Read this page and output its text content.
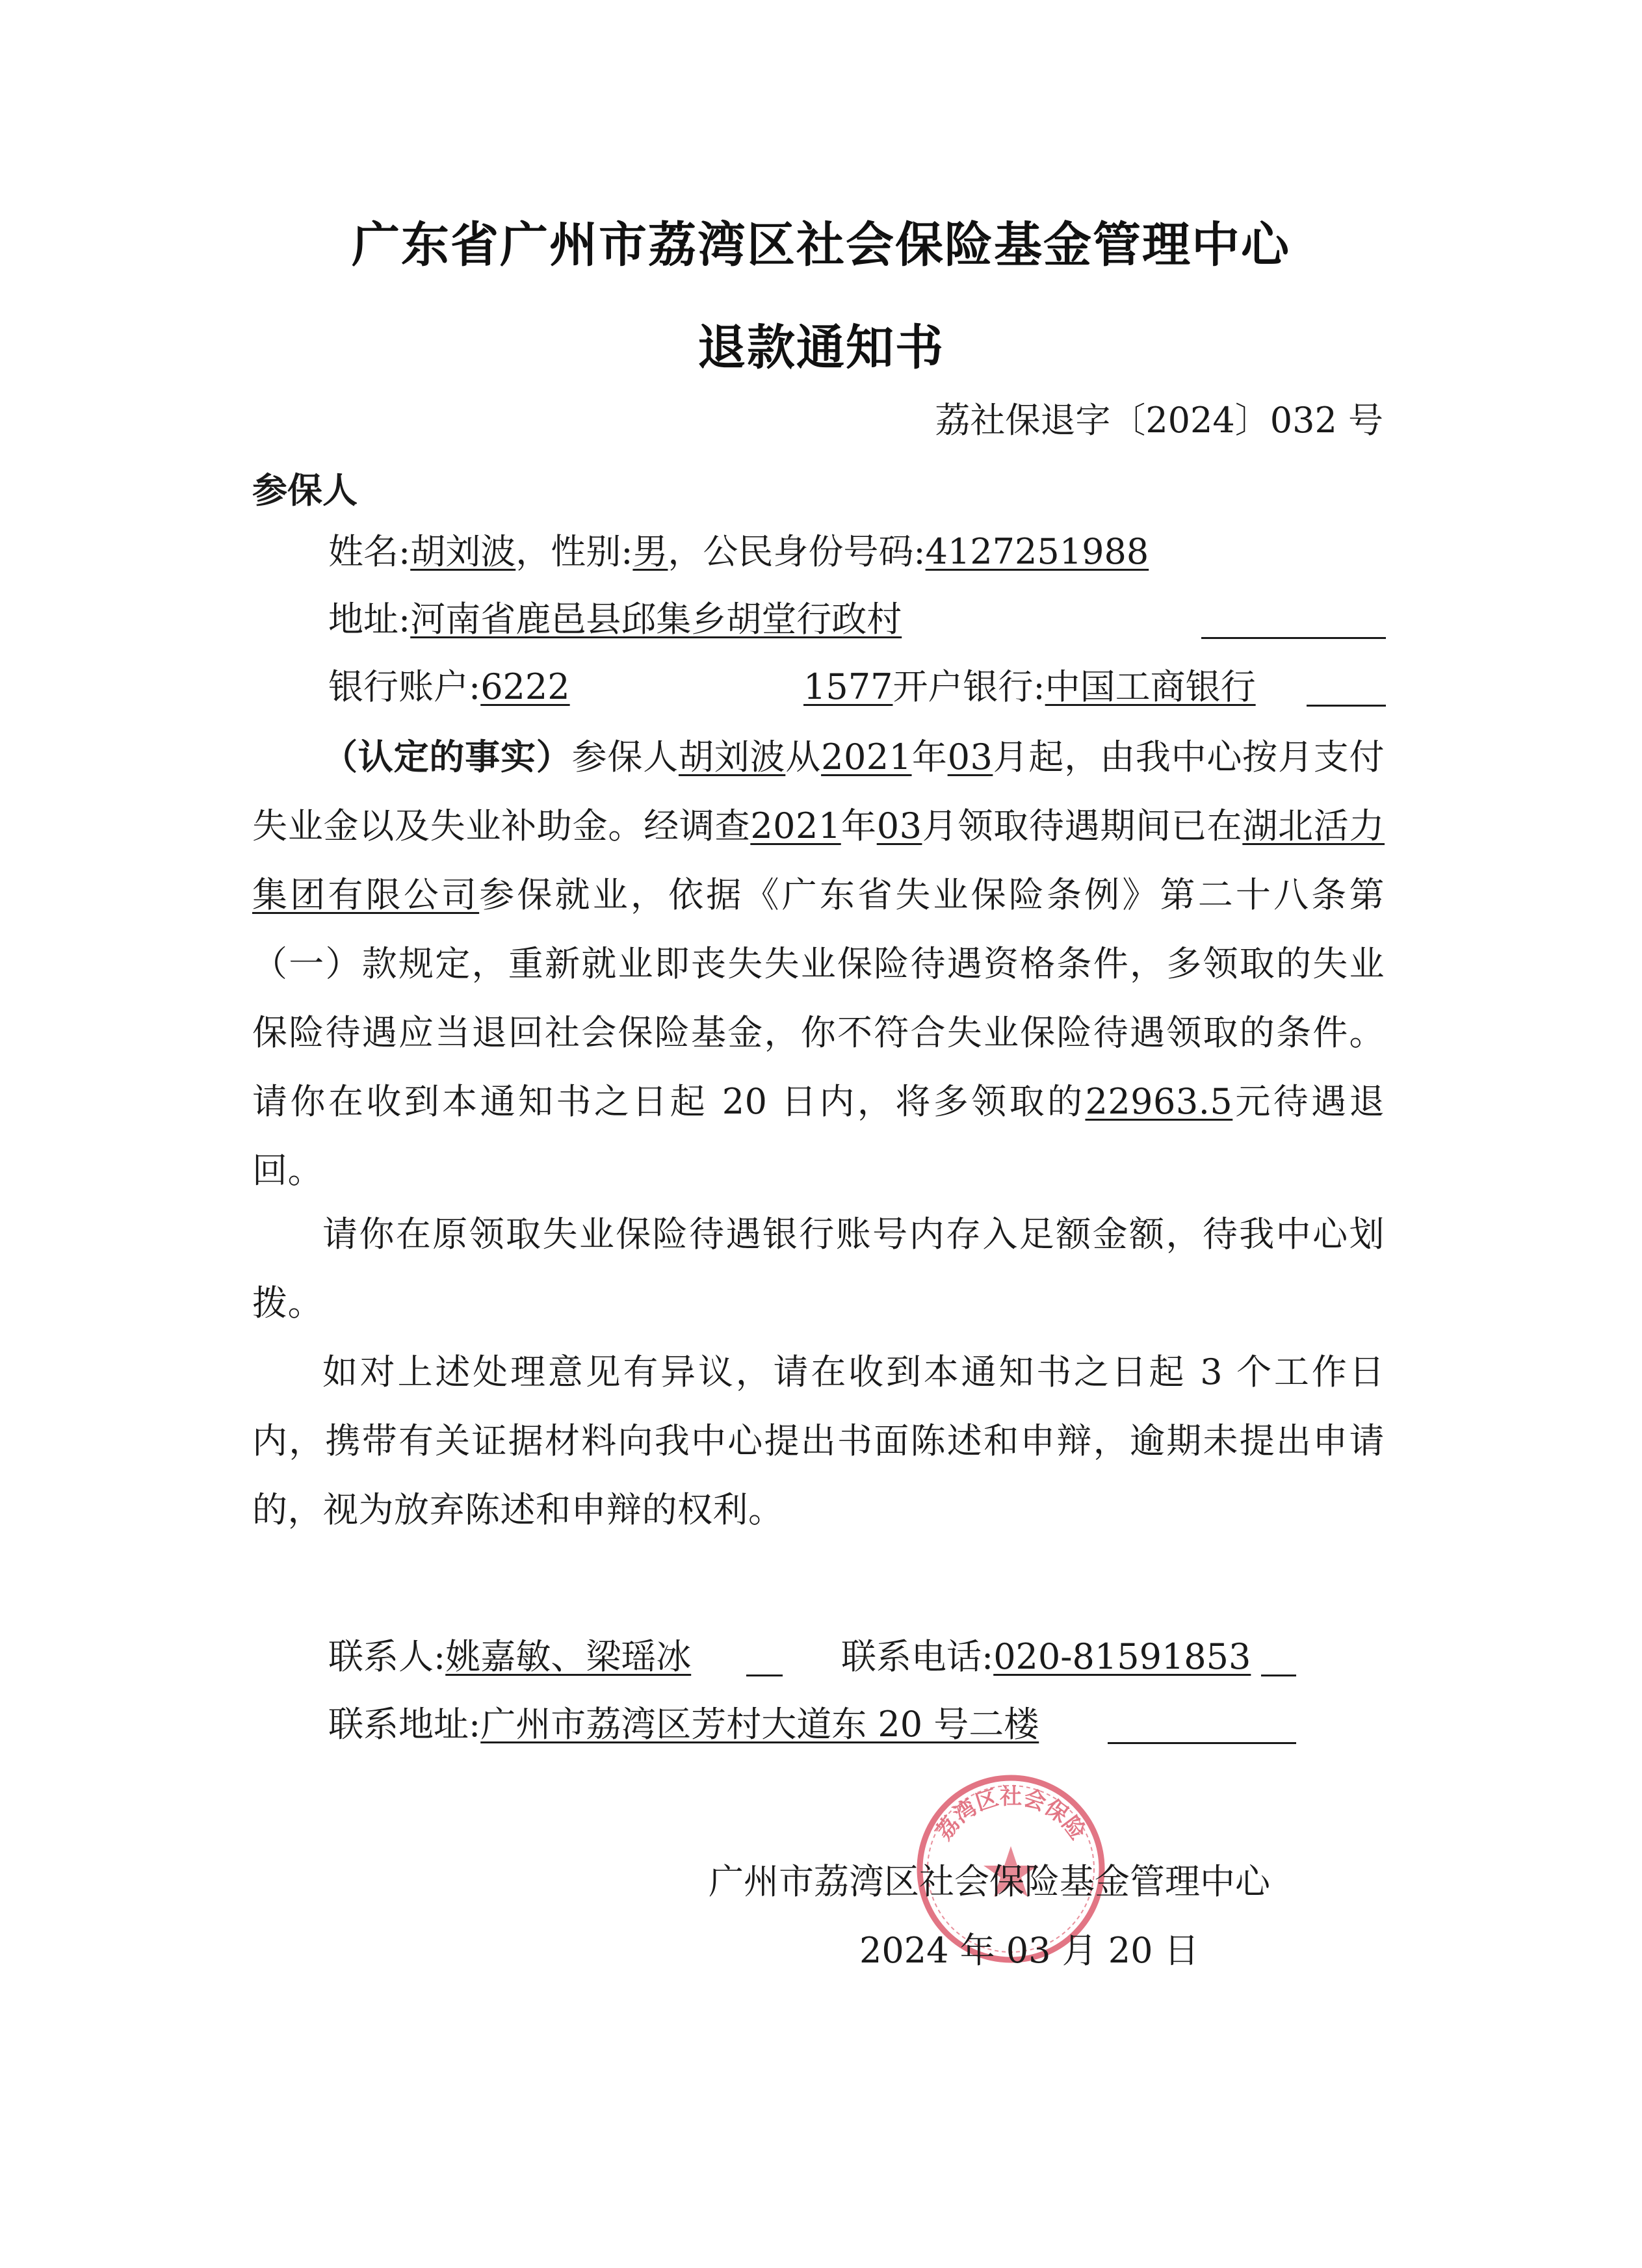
广东省广州市荔湾区社会保险基金管理中心
退款通知书
荔社保退字〔2024〕032 号
参保人
姓名:胡刘波，性别:男，公民身份号码:4127251988
地址:河南省鹿邑县邱集乡胡堂行政村
银行账户:6222	1577开户银行:中国工商银行
（认定的事实）参保人胡刘波从2021年03月起，由我中心按月支付失业金以及失业补助金。经调查2021年03月领取待遇期间已在湖北活力集团有限公司参保就业，依据《广东省失业保险条例》第二十八条第（一）款规定，重新就业即丧失失业保险待遇资格条件，多领取的失业保险待遇应当退回社会保险基金，你不符合失业保险待遇领取的条件。请你在收到本通知书之日起 20 日内，将多领取的22963.5元待遇退回。
请你在原领取失业保险待遇银行账号内存入足额金额，待我中心划拨。
如对上述处理意见有异议，请在收到本通知书之日起 3 个工作日内，携带有关证据材料向我中心提出书面陈述和申辩，逾期未提出申请的，视为放弃陈述和申辩的权利。
联系人:姚嘉敏、梁瑶冰	联系电话:020-81591853
联系地址:广州市荔湾区芳村大道东 20 号二楼
荔湾区社会保险
广州市荔湾区社会保险基金管理中心
2024 年 03 月 20 日
